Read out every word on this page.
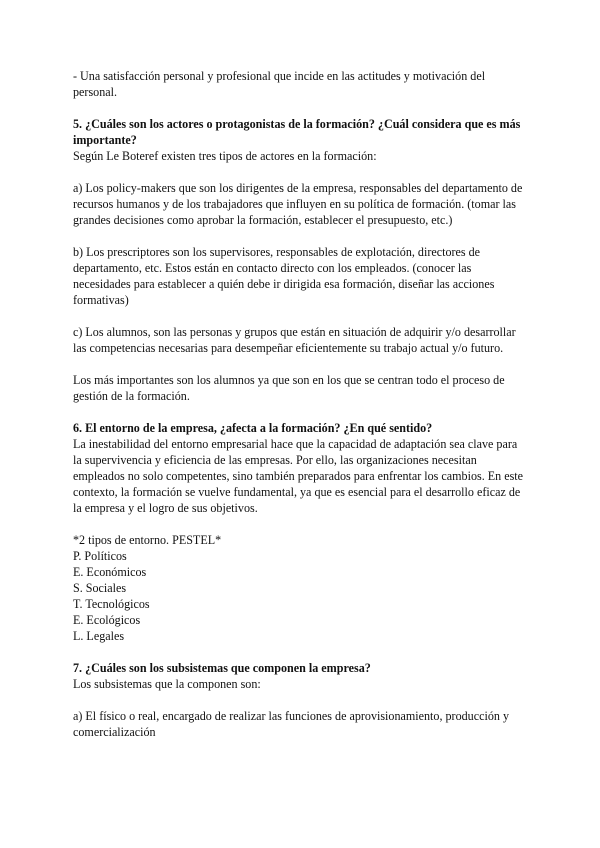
- Una satisfacción personal y profesional que incide en las actitudes y motivación del
personal.
5. ¿Cuáles son los actores o protagonistas de la formación? ¿Cuál considera que es más
importante?
Según Le Boteref existen tres tipos de actores en la formación:
a) Los policy-makers que son los dirigentes de la empresa, responsables del departamento de
recursos humanos y de los trabajadores que influyen en su política de formación. (tomar las
grandes decisiones como aprobar la formación, establecer el presupuesto, etc.)
b) Los prescriptores son los supervisores, responsables de explotación, directores de
departamento, etc. Estos están en contacto directo con los empleados. (conocer las
necesidades para establecer a quién debe ir dirigida esa formación, diseñar las acciones
formativas)
c) Los alumnos, son las personas y grupos que están en situación de adquirir y/o desarrollar
las competencias necesarias para desempeñar eficientemente su trabajo actual y/o futuro.
Los más importantes son los alumnos ya que son en los que se centran todo el proceso de
gestión de la formación.
6. El entorno de la empresa, ¿afecta a la formación? ¿En qué sentido?
La inestabilidad del entorno empresarial hace que la capacidad de adaptación sea clave para
la supervivencia y eficiencia de las empresas. Por ello, las organizaciones necesitan
empleados no solo competentes, sino también preparados para enfrentar los cambios. En este
contexto, la formación se vuelve fundamental, ya que es esencial para el desarrollo eficaz de
la empresa y el logro de sus objetivos.
*2 tipos de entorno. PESTEL*
P. Políticos
E. Económicos
S. Sociales
T. Tecnológicos
E. Ecológicos
L. Legales
7. ¿Cuáles son los subsistemas que componen la empresa?
Los subsistemas que la componen son:
a) El físico o real, encargado de realizar las funciones de aprovisionamiento, producción y
comercialización
